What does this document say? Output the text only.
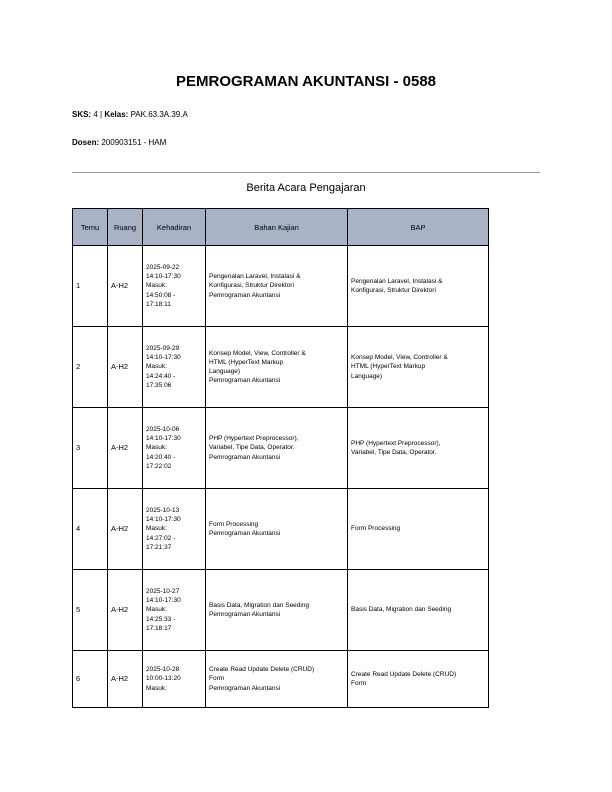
PEMROGRAMAN AKUNTANSI - 0588
SKS: 4 | Kelas: PAK.63.3A.39.A
Dosen: 200903151 - HAM
Berita Acara Pengajaran
Temu	Ruang	Kehadiran	Bahan Kajian	BAP
1	A-H2	2025-09-22
14:10-17:30
Masuk:
14:50:08 -
17:18:11	Pengenalan Laravel, Instalasi &
Konfigurasi, Struktur Direktori
Pemrograman Akuntansi	Pengenalan Laravel, Instalasi &
Konfigurasi, Struktur Direktori
2	A-H2	2025-09-29
14:10-17:30
Masuk:
14:24:40 -
17:35:06	Konsep Model, View, Controller &
HTML (HyperText Markup
Language)
Pemrograman Akuntansi	Konsep Model, View, Controller &
HTML (HyperText Markup
Language)
3	A-H2	2025-10-06
14:10-17:30
Masuk:
14:20:40 -
17:22:02	PHP (Hypertext Preprocessor),
Variabel, Tipe Data, Operator.
Pemrograman Akuntansi	PHP (Hypertext Preprocessor),
Variabel, Tipe Data, Operator.
4	A-H2	2025-10-13
14:10-17:30
Masuk:
14:27:02 -
17:21:37	Form Processing
Pemrograman Akuntansi	Form Processing
5	A-H2	2025-10-27
14:10-17:30
Masuk:
14:25:33 -
17:18:17	Basis Data, Migration dan Seeding
Pemrograman Akuntansi	Basis Data, Migration dan Seeding
6	A-H2	2025-10-28
10:00-13:20
Masuk:	Create Read Update Delete (CRUD)
Form
Pemrograman Akuntansi	Create Read Update Delete (CRUD)
Form
